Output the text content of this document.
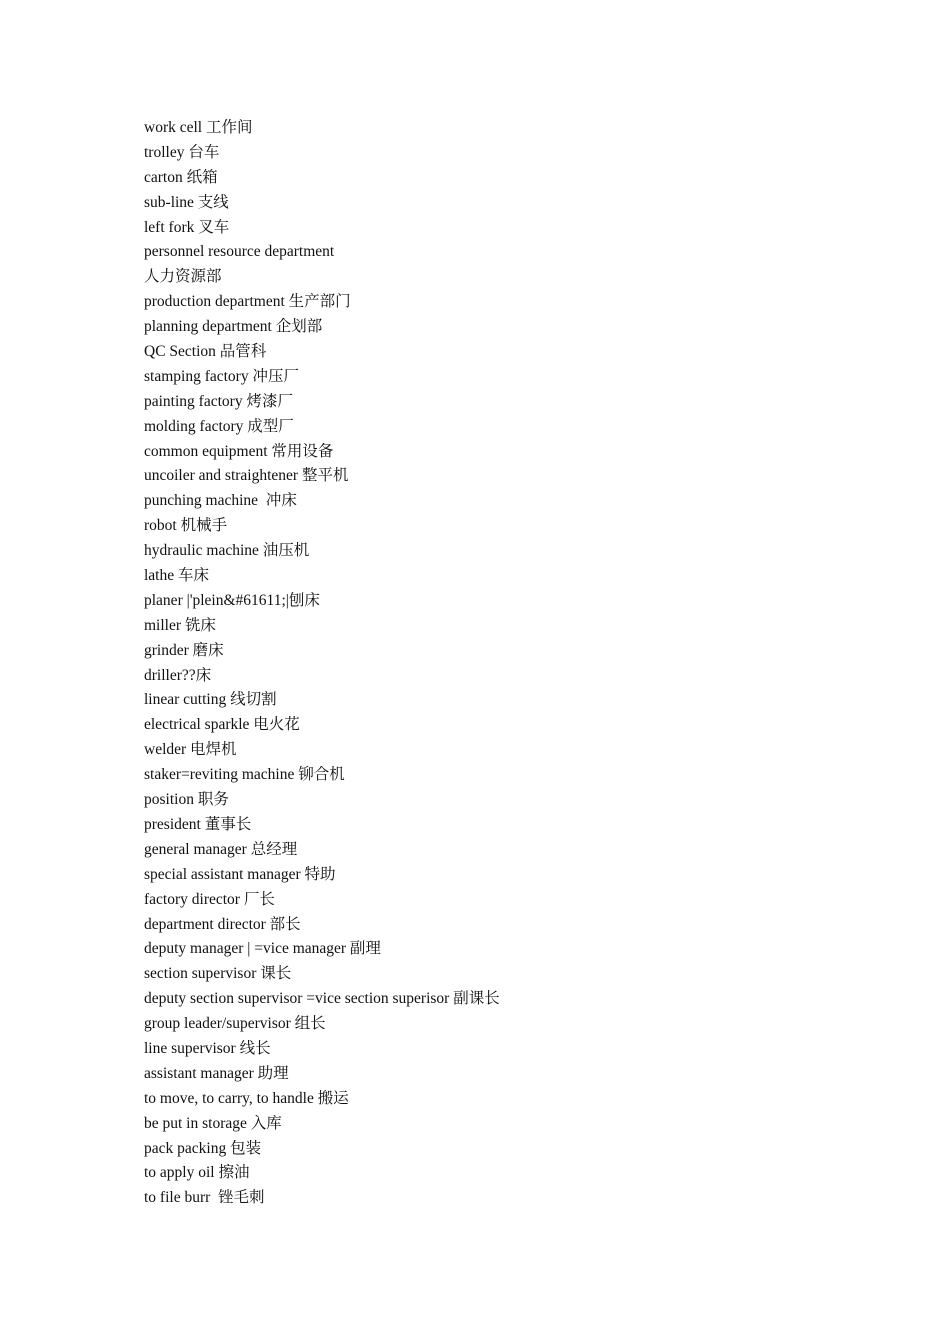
work cell 工作间
trolley 台车
carton 纸箱
sub-line 支线
left fork 叉车
personnel resource department
人力资源部
production department 生产部门
planning department 企划部
QC Section 品管科
stamping factory 冲压厂
painting factory 烤漆厂
molding factory 成型厂
common equipment 常用设备
uncoiler and straightener 整平机
punching machine  冲床
robot 机械手
hydraulic machine 油压机
lathe 车床
planer |'plein&#61611;|刨床
miller 铣床
grinder 磨床
driller??床
linear cutting 线切割
electrical sparkle 电火花
welder 电焊机
staker=reviting machine 铆合机
position 职务
president 董事长
general manager 总经理
special assistant manager 特助
factory director 厂长
department director 部长
deputy manager | =vice manager 副理
section supervisor 课长
deputy section supervisor =vice section superisor 副课长
group leader/supervisor 组长
line supervisor 线长
assistant manager 助理
to move, to carry, to handle 搬运
be put in storage 入库
pack packing 包装
to apply oil 擦油
to file burr  锉毛刺
